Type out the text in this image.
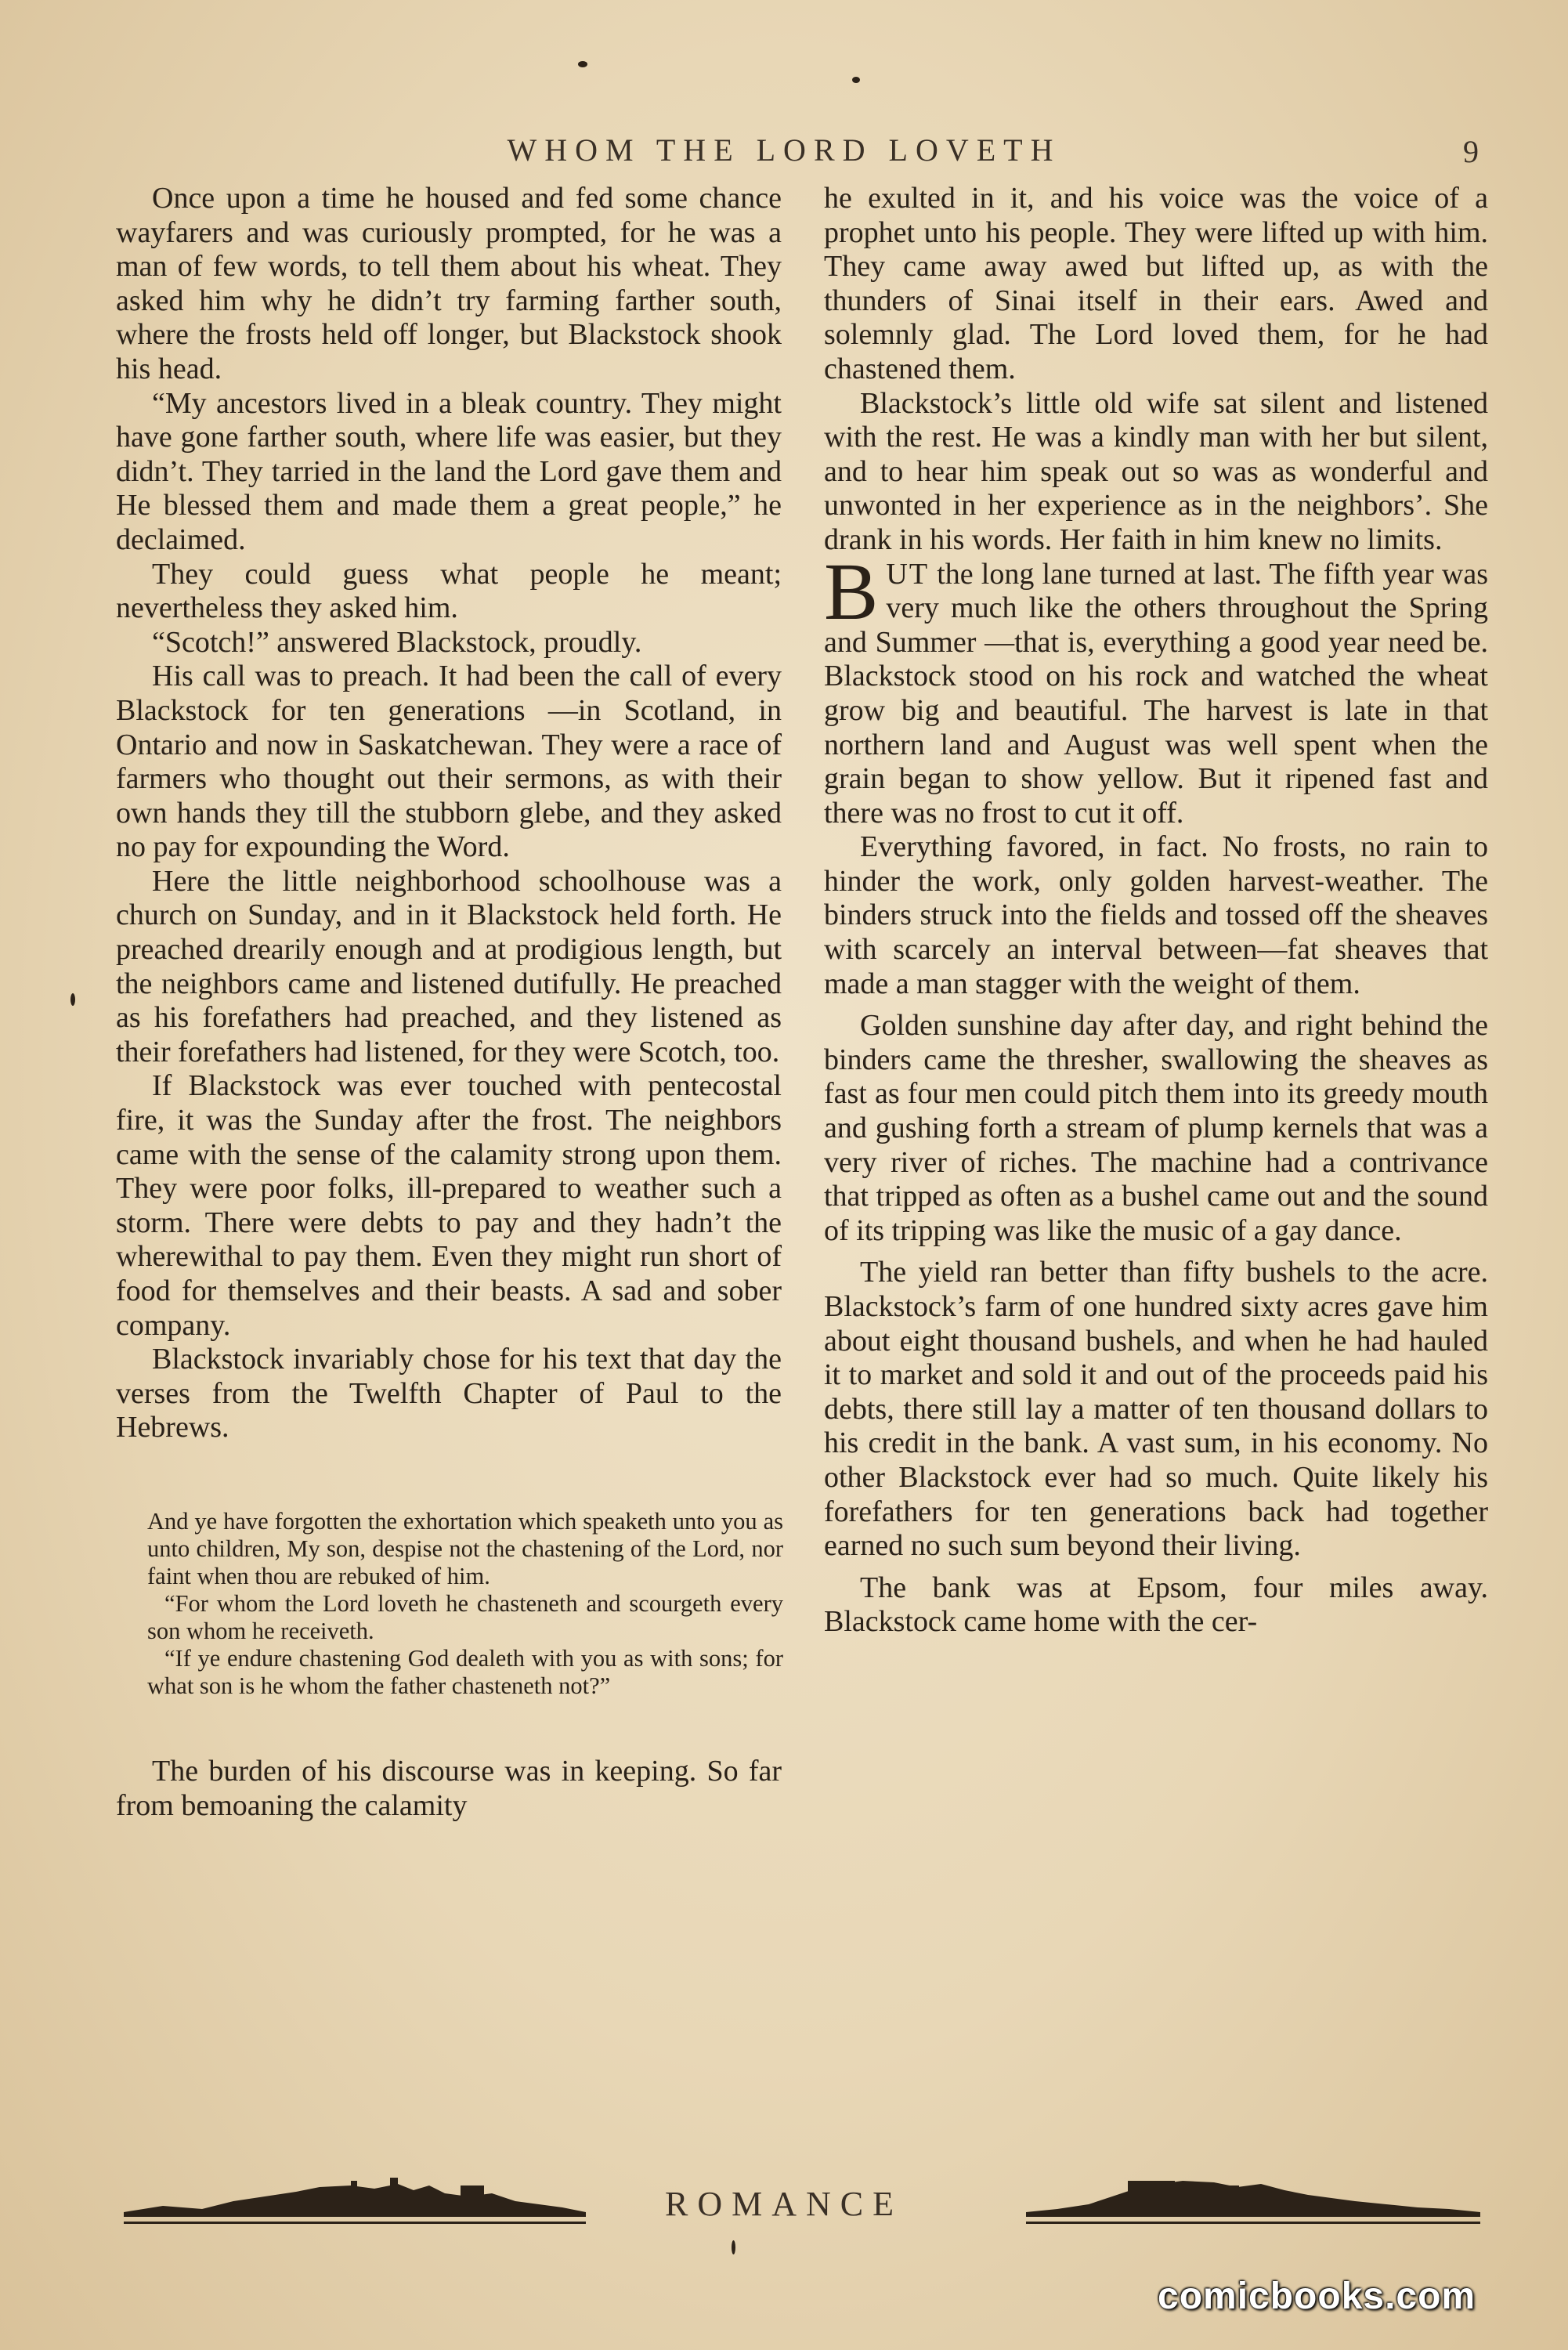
WHOM THE LORD LOVETH	9

Once upon a time he housed and fed some chance wayfarers and was curiously prompted, for he was a man of few words, to tell them about his wheat. They asked him why he didn’t try farming farther south, where the frosts held off longer, but Blackstock shook his head.

“My ancestors lived in a bleak country. They might have gone farther south, where life was easier, but they didn’t. They tarried in the land the Lord gave them and He blessed them and made them a great people,” he declaimed.

They could guess what people he meant; nevertheless they asked him.

“Scotch!” answered Blackstock, proudly.

His call was to preach. It had been the call of every Blackstock for ten generations —in Scotland, in Ontario and now in Saskatchewan. They were a race of farmers who thought out their sermons, as with their own hands they till the stubborn glebe, and they asked no pay for expounding the Word.

Here the little neighborhood schoolhouse was a church on Sunday, and in it Blackstock held forth. He preached drearily enough and at prodigious length, but the neighbors came and listened dutifully. He preached as his forefathers had preached, and they listened as their forefathers had listened, for they were Scotch, too.

If Blackstock was ever touched with pentecostal fire, it was the Sunday after the frost. The neighbors came with the sense of the calamity strong upon them. They were poor folks, ill-prepared to weather such a storm. There were debts to pay and they hadn’t the wherewithal to pay them. Even they might run short of food for themselves and their beasts. A sad and sober company.

Blackstock invariably chose for his text that day the verses from the Twelfth Chapter of Paul to the Hebrews.

And ye have forgotten the exhortation which speaketh unto you as unto children, My son, despise not the chastening of the Lord, nor faint when thou are rebuked of him.

“For whom the Lord loveth he chasteneth and scourgeth every son whom he receiveth.

“If ye endure chastening God dealeth with you as with sons; for what son is he whom the father chasteneth not?”

The burden of his discourse was in keeping. So far from bemoaning the calamity

he exulted in it, and his voice was the voice of a prophet unto his people. They were lifted up with him. They came away awed but lifted up, as with the thunders of Sinai itself in their ears. Awed and solemnly glad. The Lord loved them, for he had chastened them.

Blackstock’s little old wife sat silent and listened with the rest. He was a kindly man with her but silent, and to hear him speak out so was as wonderful and unwonted in her experience as in the neighbors’. She drank in his words. Her faith in him knew no limits.

BUT the long lane turned at last. The fifth year was very much like the others throughout the Spring and Summer —that is, everything a good year need be. Blackstock stood on his rock and watched the wheat grow big and beautiful. The harvest is late in that northern land and August was well spent when the grain began to show yellow. But it ripened fast and there was no frost to cut it off.

Everything favored, in fact. No frosts, no rain to hinder the work, only golden harvest-weather. The binders struck into the fields and tossed off the sheaves with scarcely an interval between—fat sheaves that made a man stagger with the weight of them.

Golden sunshine day after day, and right behind the binders came the thresher, swallowing the sheaves as fast as four men could pitch them into its greedy mouth and gushing forth a stream of plump kernels that was a very river of riches. The machine had a contrivance that tripped as often as a bushel came out and the sound of its tripping was like the music of a gay dance.

The yield ran better than fifty bushels to the acre. Blackstock’s farm of one hundred sixty acres gave him about eight thousand bushels, and when he had hauled it to market and sold it and out of the proceeds paid his debts, there still lay a matter of ten thousand dollars to his credit in the bank. A vast sum, in his economy. No other Blackstock ever had so much. Quite likely his forefathers for ten generations back had together earned no such sum beyond their living.

The bank was at Epsom, four miles away. Blackstock came home with the cer-

ROMANCE
comicbooks.com
